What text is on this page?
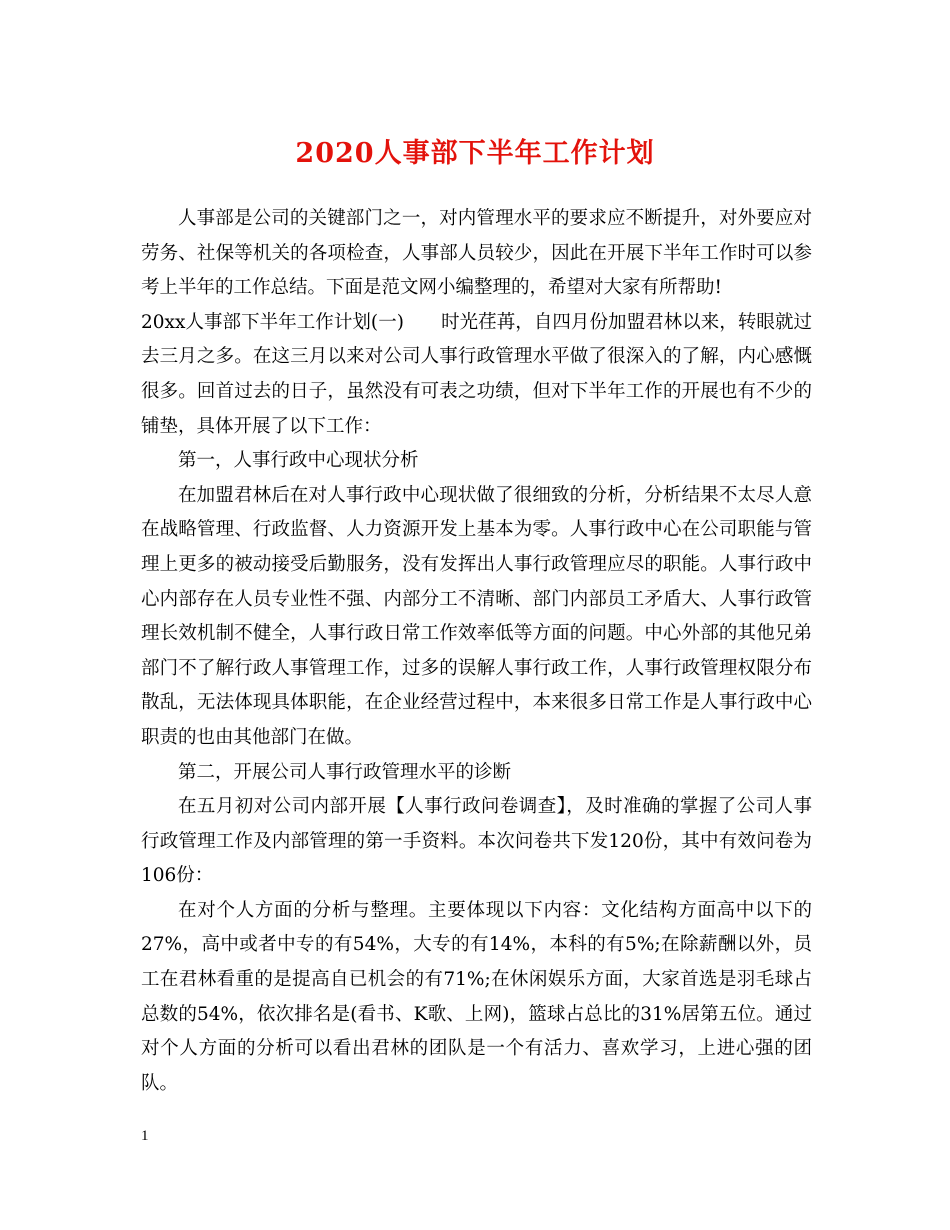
2020人事部下半年工作计划

人事部是公司的关键部门之一，对内管理水平的要求应不断提升，对外要应对劳务、社保等机关的各项检查，人事部人员较少，因此在开展下半年工作时可以参考上半年的工作总结。下面是范文网小编整理的，希望对大家有所帮助!

20xx人事部下半年工作计划(一)　　时光荏苒，自四月份加盟君林以来，转眼就过去三月之多。在这三月以来对公司人事行政管理水平做了很深入的了解，内心感慨很多。回首过去的日子，虽然没有可表之功绩，但对下半年工作的开展也有不少的铺垫，具体开展了以下工作：

第一，人事行政中心现状分析

在加盟君林后在对人事行政中心现状做了很细致的分析，分析结果不太尽人意在战略管理、行政监督、人力资源开发上基本为零。人事行政中心在公司职能与管理上更多的被动接受后勤服务，没有发挥出人事行政管理应尽的职能。人事行政中心内部存在人员专业性不强、内部分工不清晰、部门内部员工矛盾大、人事行政管理长效机制不健全，人事行政日常工作效率低等方面的问题。中心外部的其他兄弟部门不了解行政人事管理工作，过多的误解人事行政工作，人事行政管理权限分布散乱，无法体现具体职能，在企业经营过程中，本来很多日常工作是人事行政中心职责的也由其他部门在做。

第二，开展公司人事行政管理水平的诊断

在五月初对公司内部开展【人事行政问卷调查】，及时准确的掌握了公司人事行政管理工作及内部管理的第一手资料。本次问卷共下发120份，其中有效问卷为106份：

在对个人方面的分析与整理。主要体现以下内容：文化结构方面高中以下的27%，高中或者中专的有54%，大专的有14%，本科的有5%;在除薪酬以外，员工在君林看重的是提高自已机会的有71%;在休闲娱乐方面，大家首选是羽毛球占总数的54%，依次排名是(看书、K歌、上网)，篮球占总比的31%居第五位。通过对个人方面的分析可以看出君林的团队是一个有活力、喜欢学习，上进心强的团队。

1
